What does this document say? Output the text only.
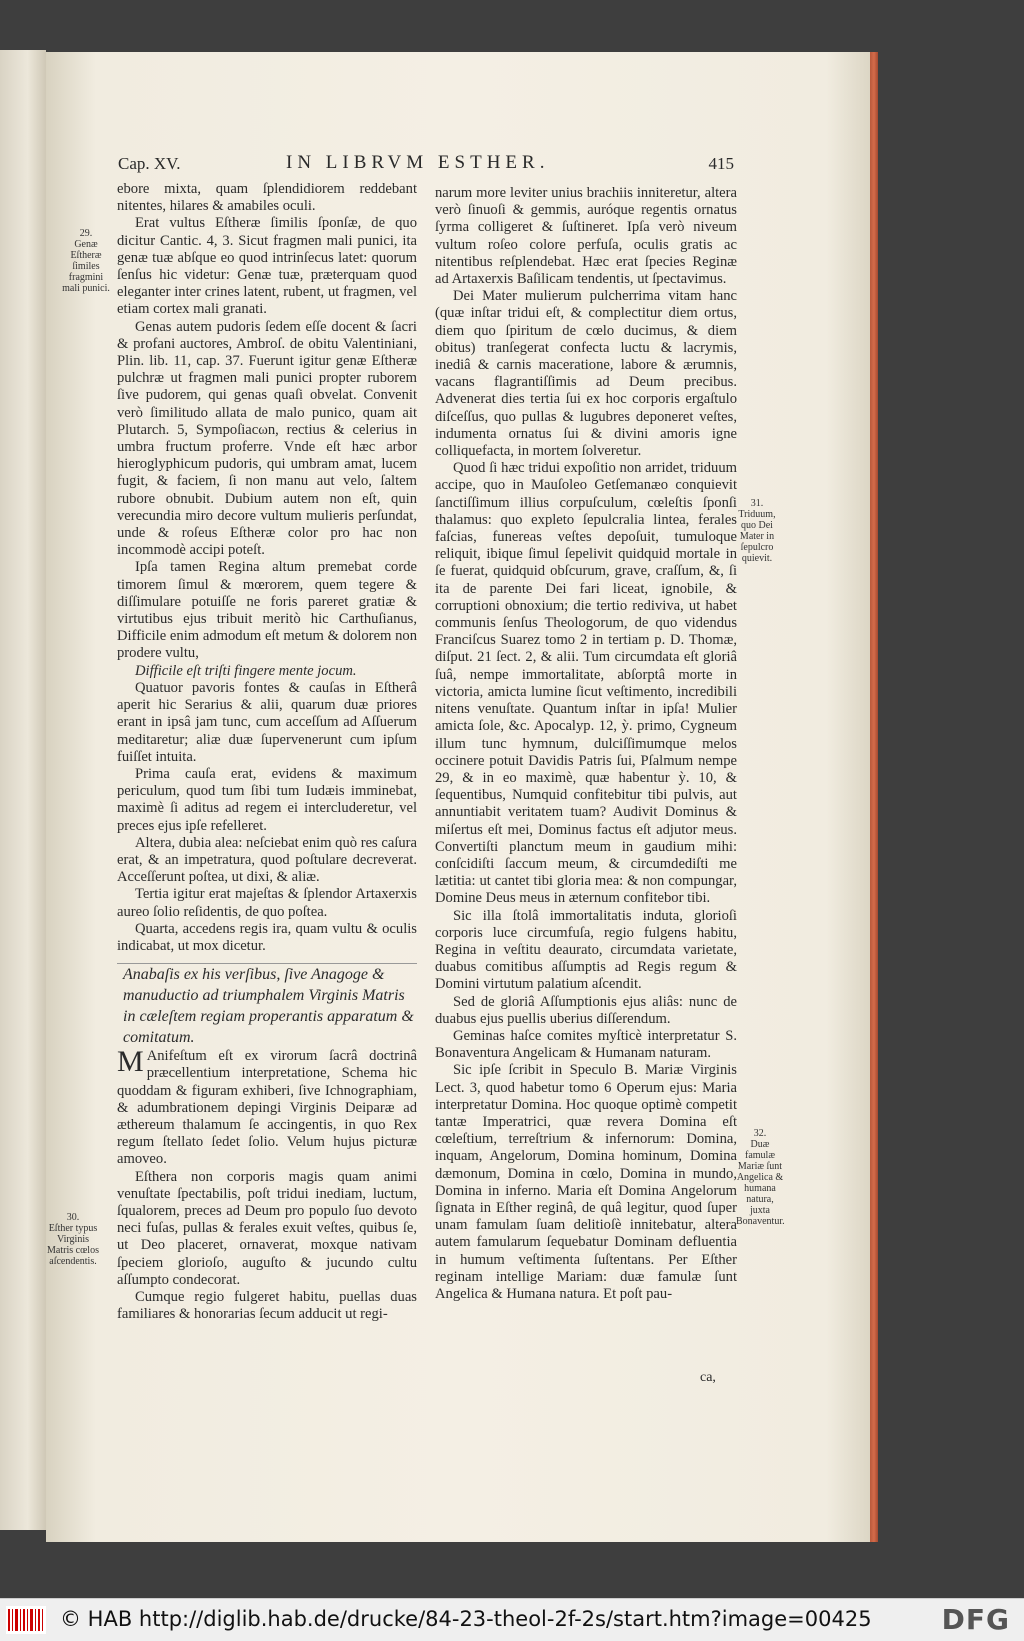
Cap. XV.	IN LIBRVM ESTHER.	415

ebore mixta, quam ſplendidiorem reddebant nitentes, hilares & amabiles oculi.

Erat vultus Eſtheræ ſimilis ſponſæ, de quo dicitur Cantic. 4, 3. Sicut fragmen mali punici, ita genæ tuæ abſque eo quod intrinſecus latet: quorum ſenſus hic videtur: Genæ tuæ, præterquam quod eleganter inter crines latent, rubent, ut fragmen, vel etiam cortex mali granati.

Genas autem pudoris ſedem eſſe docent & ſacri & profani auctores, Ambroſ. de obitu Valentiniani, Plin. lib. 11, cap. 37. Fuerunt igitur genæ Eſtheræ pulchræ ut fragmen mali punici propter ruborem ſive pudorem, qui genas quaſi obvelat. Convenit verò ſimilitudo allata de malo punico, quam ait Plutarch. 5, Sympoſiacωn, rectius & celerius in umbra fructum proferre. Vnde eſt hæc arbor hieroglyphicum pudoris, qui umbram amat, lucem fugit, & faciem, ſi non manu aut velo, ſaltem rubore obnubit. Dubium autem non eſt, quin verecundia miro decore vultum mulieris perſundat, unde & roſeus Eſtheræ color pro hac non incommodè accipi poteſt.

Ipſa tamen Regina altum premebat corde timorem ſimul & mœrorem, quem tegere & diſſimulare potuiſſe ne foris pareret gratiæ & virtutibus ejus tribuit meritò hic Carthuſianus, Difficile enim admodum eſt metum & dolorem non prodere vultu,

Difficile eſt triſti fingere mente jocum.

Quatuor pavoris fontes & cauſas in Eſtherâ aperit hic Serarius & alii, quarum duæ priores erant in ipsâ jam tunc, cum acceſſum ad Aſſuerum meditaretur; aliæ duæ ſupervenerunt cum ipſum fuiſſet intuita.

Prima cauſa erat, evidens & maximum periculum, quod tum ſibi tum Iudæis imminebat, maximè ſi aditus ad regem ei intercluderetur, vel preces ejus ipſe refelleret.

Altera, dubia alea: neſciebat enim quò res caſura erat, & an impetratura, quod poſtulare decreverat. Acceſſerunt poſtea, ut dixi, & aliæ.

Tertia igitur erat majeſtas & ſplendor Artaxerxis aureo ſolio reſidentis, de quo poſtea.

Quarta, accedens regis ira, quam vultu & oculis indicabat, ut mox dicetur.

Anabaſis ex his verſibus, ſive Anagoge & manuductio ad triumphalem Virginis Matris in cæleſtem regiam properantis apparatum & comitatum.

MAnifeſtum eſt ex virorum ſacrâ doctrinâ præcellentium interpretatione, Schema hic quoddam & figuram exhiberi, ſive Ichnographiam, & adumbrationem depingi Virginis Deiparæ ad æthereum thalamum ſe accingentis, in quo Rex regum ſtellato ſedet ſolio. Velum hujus picturæ amoveo.

Eſthera non corporis magis quam animi venuſtate ſpectabilis, poſt tridui inediam, luctum, ſqualorem, preces ad Deum pro populo ſuo devoto neci fuſas, pullas & ferales exuit veſtes, quibus ſe, ut Deo placeret, ornaverat, moxque nativam ſpeciem glorioſo, auguſto & jucundo cultu aſſumpto condecorat.

Cumque regio fulgeret habitu, puellas duas familiares & honorarias ſecum adducit ut regi-

narum more leviter unius brachiis inniteretur, altera verò ſinuoſi & gemmis, auróque regentis ornatus ſyrma colligeret & ſuſtineret. Ipſa verò niveum vultum roſeo colore perfuſa, oculis gratis ac nitentibus reſplendebat. Hæc erat ſpecies Reginæ ad Artaxerxis Baſilicam tendentis, ut ſpectavimus.

Dei Mater mulierum pulcherrima vitam hanc (quæ inſtar tridui eſt, & complectitur diem ortus, diem quo ſpiritum de cœlo ducimus, & diem obitus) tranſegerat confecta luctu & lacrymis, inediâ & carnis maceratione, labore & ærumnis, vacans flagrantiſſimis ad Deum precibus. Advenerat dies tertia ſui ex hoc corporis ergaſtulo diſceſſus, quo pullas & lugubres deponeret veſtes, indumenta ornatus ſui & divini amoris igne colliquefacta, in mortem ſolveretur.

Quod ſi hæc tridui expoſitio non arridet, triduum accipe, quo in Mauſoleo Getſemanæo conquievit ſanctiſſimum illius corpuſculum, cœleſtis ſponſi thalamus: quo expleto ſepulcralia lintea, ferales faſcias, funereas veſtes depoſuit, tumuloque reliquit, ibique ſimul ſepelivit quidquid mortale in ſe fuerat, quidquid obſcurum, grave, craſſum, &, ſi ita de parente Dei fari liceat, ignobile, & corruptioni obnoxium; die tertio rediviva, ut habet communis ſenſus Theologorum, de quo videndus Franciſcus Suarez tomo 2 in tertiam p. D. Thomæ, diſput. 21 ſect. 2, & alii. Tum circumdata eſt gloriâ ſuâ, nempe immortalitate, abſorptâ morte in victoria, amicta lumine ſicut veſtimento, incredibili nitens venuſtate. Quantum inſtar in ipſa! Mulier amicta ſole, &c. Apocalyp. 12, ỳ. primo, Cygneum illum tunc hymnum, dulciſſimumque melos occinere potuit Davidis Patris ſui, Pſalmum nempe 29, & in eo maximè, quæ habentur ỳ. 10, & ſequentibus, Numquid confitebitur tibi pulvis, aut annuntiabit veritatem tuam? Audivit Dominus & miſertus eſt mei, Dominus factus eſt adjutor meus. Convertiſti planctum meum in gaudium mihi: conſcidiſti ſaccum meum, & circumdediſti me lætitia: ut cantet tibi gloria mea: & non compungar, Domine Deus meus in æternum confitebor tibi.

Sic illa ſtolâ immortalitatis induta, glorioſi corporis luce circumfuſa, regio fulgens habitu, Regina in veſtitu deaurato, circumdata varietate, duabus comitibus aſſumptis ad Regis regum & Domini virtutum palatium aſcendit.

Sed de gloriâ Aſſumptionis ejus aliâs: nunc de duabus ejus puellis uberius diſſerendum.

Geminas haſce comites myſticè interpretatur S. Bonaventura Angelicam & Humanam naturam.

Sic ipſe ſcribit in Speculo B. Mariæ Virginis Lect. 3, quod habetur tomo 6 Operum ejus: Maria interpretatur Domina. Hoc quoque optimè competit tantæ Imperatrici, quæ revera Domina eſt cœleſtium, terreſtrium & infernorum: Domina, inquam, Angelorum, Domina hominum, Domina dæmonum, Domina in cœlo, Domina in mundo, Domina in inferno. Maria eſt Domina Angelorum ſignata in Eſther reginâ, de quâ legitur, quod ſuper unam famulam ſuam delitioſè innitebatur, altera autem famularum ſequebatur Dominam defluentia in humum veſtimenta ſuſtentans. Per Eſther reginam intellige Mariam: duæ famulæ ſunt Angelica & Humana natura. Et poſt pau-

ca,
29.
Genæ Eſtheræ ſimiles fragmini mali punici.
30.
Eſther typus Virginis Matris cœlos aſcendentis.
31.
Triduum, quo Dei Mater in ſepulcro quievit.
32.
Duæ famulæ Mariæ ſunt Angelica & humana natura, juxta Bonaventur.
© HAB http://diglib.hab.de/drucke/84-23-theol-2f-2s/start.htm?image=00425	DFG
